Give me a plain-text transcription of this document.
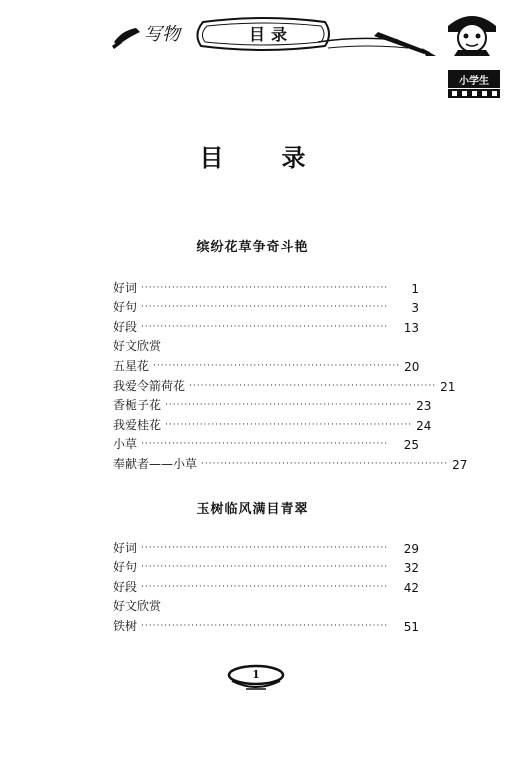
写物	目录
小学生
目 录
缤纷花草争奇斗艳
好词 ································································	1
好句 ································································	3
好段 ································································	13
好文欣赏
五星花 ································································ 20
我爱令箭荷花 ································································ 21
香栀子花 ································································ 23
我爱桂花 ································································ 24
小草 ································································	25
奉献者——小草 ································································ 27
玉树临风满目青翠
好词 ································································	29
好句 ································································	32
好段 ································································	42
好文欣赏
铁树 ································································	51
1
